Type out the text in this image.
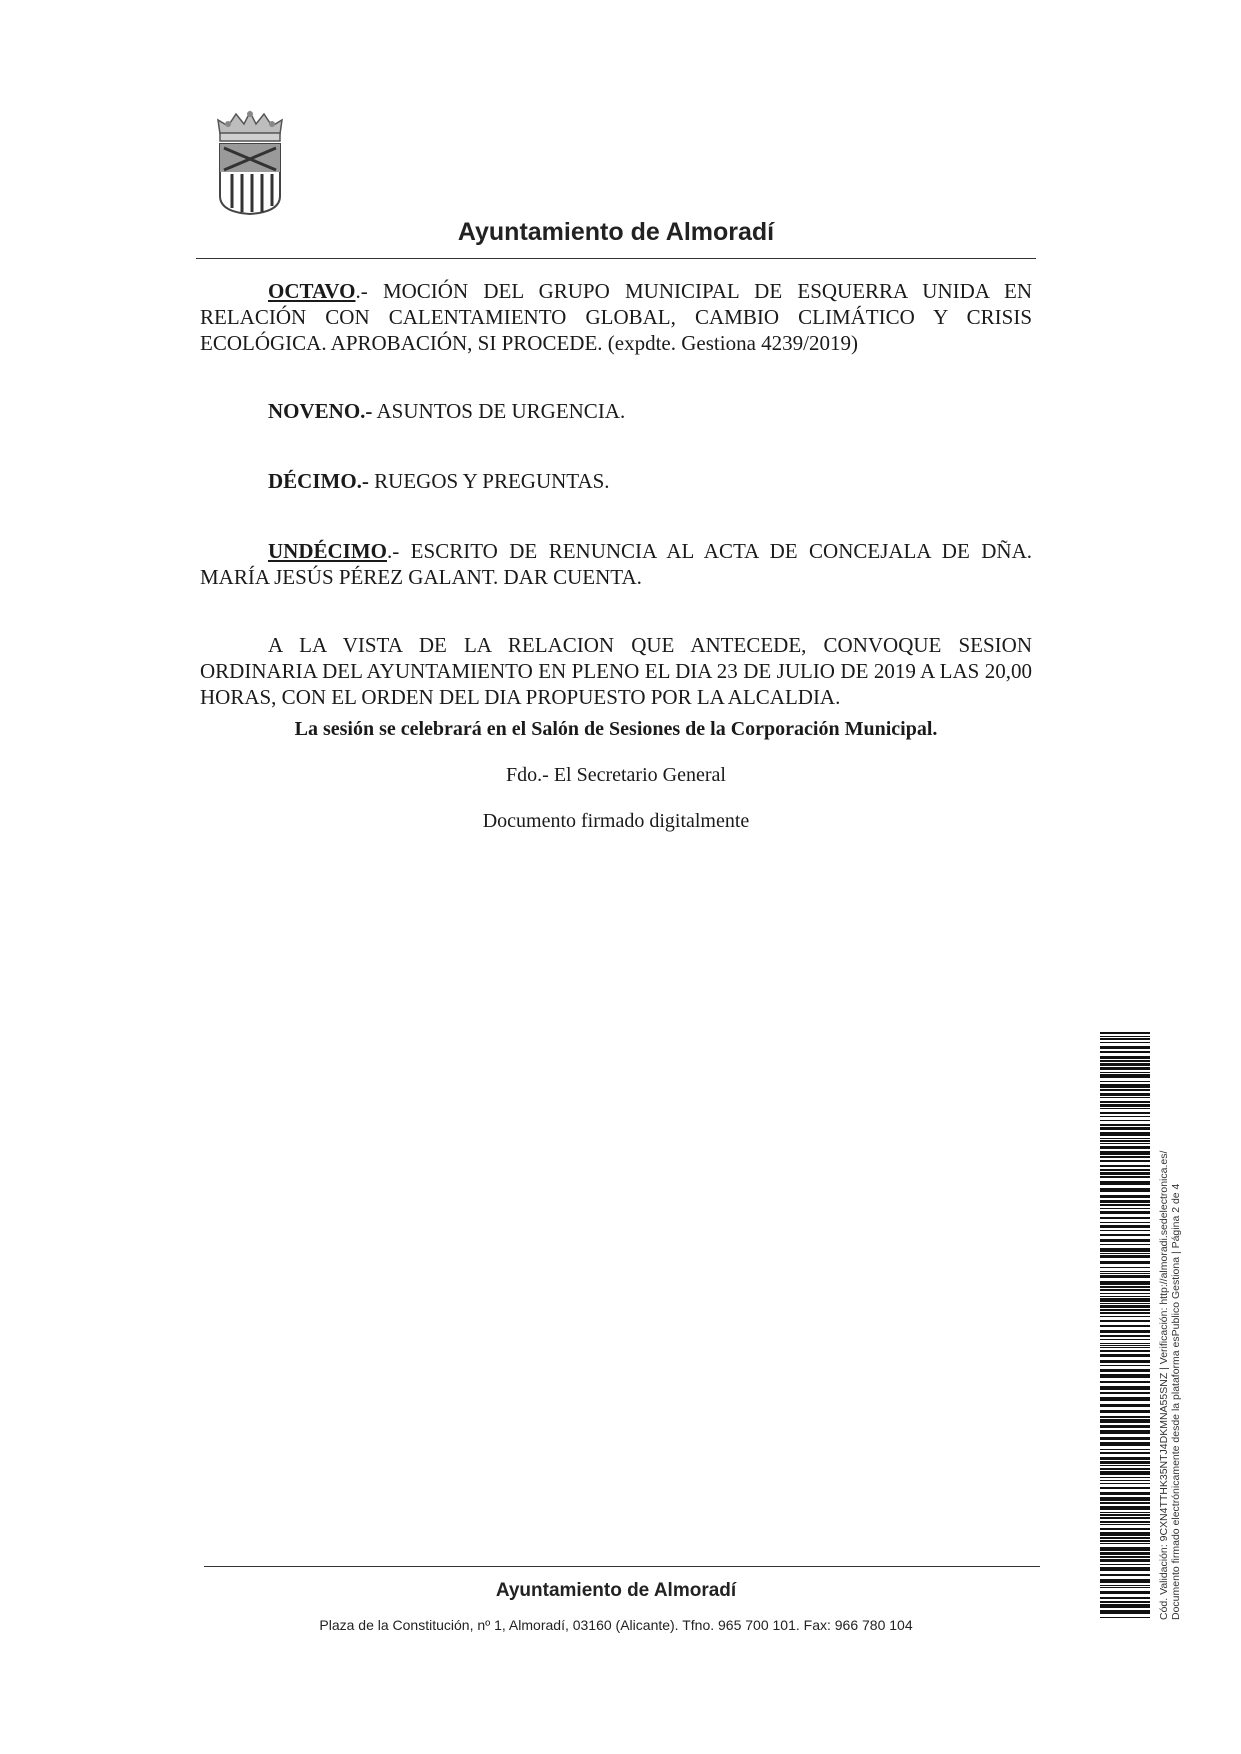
Ayuntamiento de Almoradí
OCTAVO.- MOCIÓN DEL GRUPO MUNICIPAL DE ESQUERRA UNIDA EN RELACIÓN CON CALENTAMIENTO GLOBAL, CAMBIO CLIMÁTICO Y CRISIS ECOLÓGICA. APROBACIÓN, SI PROCEDE. (expdte. Gestiona 4239/2019)
NOVENO.- ASUNTOS DE URGENCIA.
DÉCIMO.- RUEGOS Y PREGUNTAS.
UNDÉCIMO.- ESCRITO DE RENUNCIA AL ACTA DE CONCEJALA DE DÑA. MARÍA JESÚS PÉREZ GALANT. DAR CUENTA.
A LA VISTA DE LA RELACION QUE ANTECEDE, CONVOQUE SESION ORDINARIA DEL AYUNTAMIENTO EN PLENO EL DIA 23 DE JULIO DE 2019 A LAS 20,00 HORAS, CON EL ORDEN DEL DIA PROPUESTO POR LA ALCALDIA.
La sesión se celebrará en el Salón de Sesiones de la Corporación Municipal.
Fdo.- El Secretario General
Documento firmado digitalmente
Ayuntamiento de Almoradí
Plaza de la Constitución, nº 1, Almoradí, 03160 (Alicante). Tfno. 965 700 101. Fax: 966 780 104
Cód. Validación: 9CXN4TTHK35NTJ4DKMNA55SNZ | Verificación: http://almoradi.sedelectronica.es/ Documento firmado electrónicamente desde la plataforma esPublico Gestiona | Página 2 de 4
